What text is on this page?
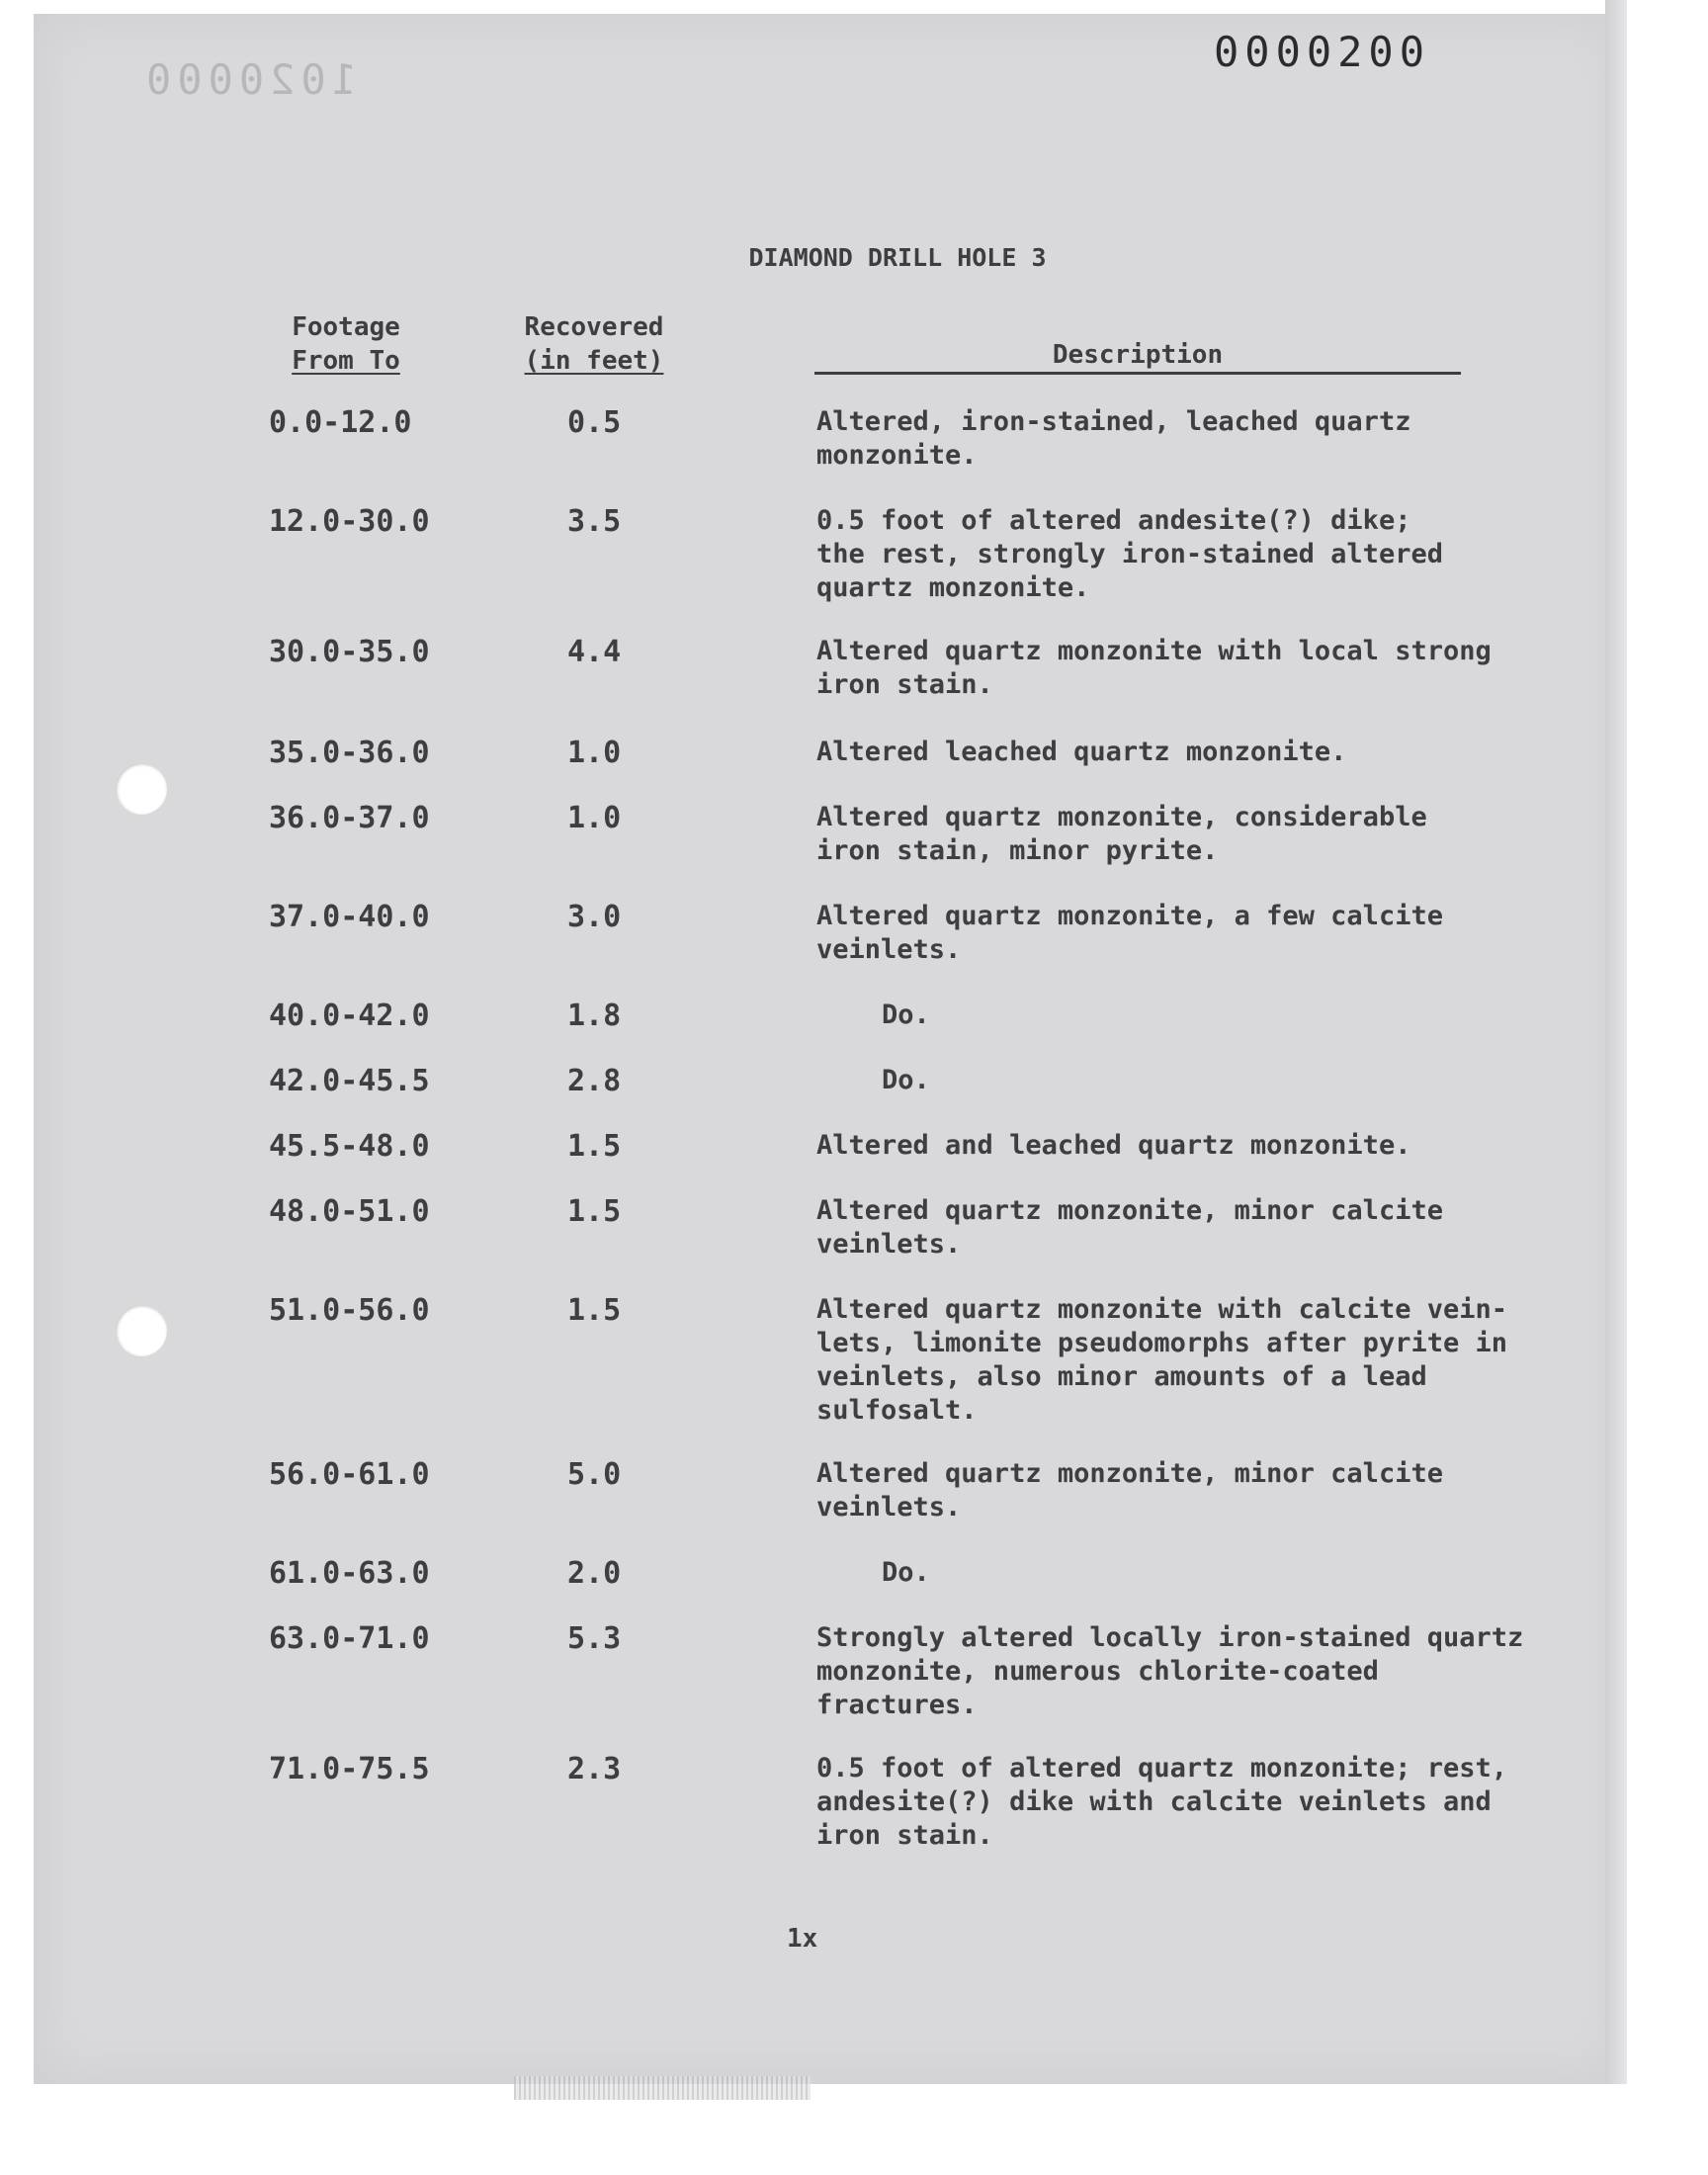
1020000
0000200
DIAMOND DRILL HOLE 3
Footage
From To
Recovered
(in feet)	Description
0.0-12.0	0.5	Altered, iron-stained, leached quartz
monzonite.
12.0-30.0	3.5	0.5 foot of altered andesite(?) dike;
the rest, strongly iron-stained altered
quartz monzonite.
30.0-35.0	4.4	Altered quartz monzonite with local strong
iron stain.
35.0-36.0	1.0	Altered leached quartz monzonite.
36.0-37.0	1.0	Altered quartz monzonite, considerable
iron stain, minor pyrite.
37.0-40.0	3.0	Altered quartz monzonite, a few calcite
veinlets.
40.0-42.0	1.8	Do.
42.0-45.5	2.8	Do.
45.5-48.0	1.5	Altered and leached quartz monzonite.
48.0-51.0	1.5	Altered quartz monzonite, minor calcite
veinlets.
51.0-56.0	1.5	Altered quartz monzonite with calcite vein-
lets, limonite pseudomorphs after pyrite in
veinlets, also minor amounts of a lead
sulfosalt.
56.0-61.0	5.0	Altered quartz monzonite, minor calcite
veinlets.
61.0-63.0	2.0	Do.
63.0-71.0	5.3	Strongly altered locally iron-stained quartz
monzonite, numerous chlorite-coated
fractures.
71.0-75.5	2.3	0.5 foot of altered quartz monzonite; rest,
andesite(?) dike with calcite veinlets and
iron stain.
1x
